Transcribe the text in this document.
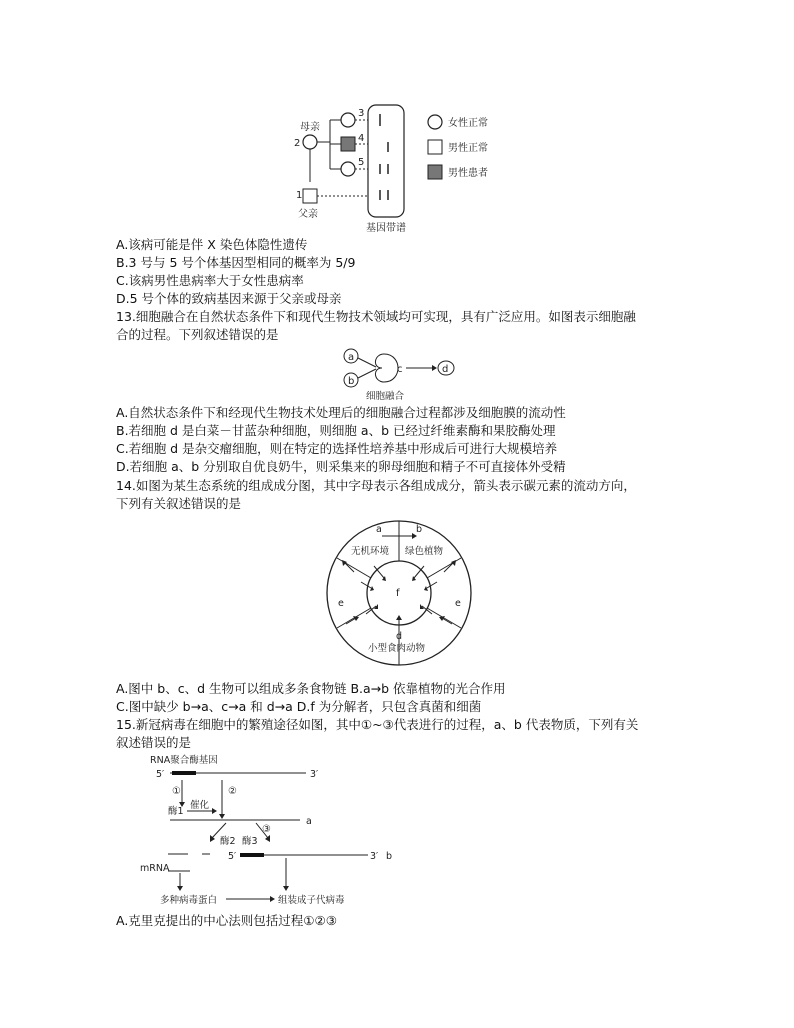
母亲
2
3
4
5
1
父亲
基因带谱
女性正常
男性正常
男性患者
A.该病可能是伴 X 染色体隐性遗传
B.3 号与 5 号个体基因型相同的概率为 5/9
C.该病男性患病率大于女性患病率
D.5 号个体的致病基因来源于父亲或母亲
13.细胞融合在自然状态条件下和现代生物技术领域均可实现，具有广泛应用。如图表示细胞融
合的过程。下列叙述错误的是
a
b
c	d
细胞融合
A.自然状态条件下和经现代生物技术处理后的细胞融合过程都涉及细胞膜的流动性
B.若细胞 d 是白菜－甘蓝杂种细胞，则细胞 a、b 已经过纤维素酶和果胶酶处理
C.若细胞 d 是杂交瘤细胞，则在特定的选择性培养基中形成后可进行大规模培养
D.若细胞 a、b 分别取自优良奶牛，则采集来的卵母细胞和精子不可直接体外受精
14.如图为某生态系统的组成成分图，其中字母表示各组成成分，箭头表示碳元素的流动方向，
下列有关叙述错误的是
a	b
无机环境 绿色植物
f
e	e
d
小型食肉动物
A.图中 b、c、d 生物可以组成多条食物链 B.a→b 依靠植物的光合作用
C.图中缺少 b→a、c→a 和 d→a D.f 为分解者，只包含真菌和细菌
15.新冠病毒在细胞中的繁殖途径如图，其中①~③代表进行的过程，a、b 代表物质，下列有关
叙述错误的是
RNA聚合酶基因
5′	3′
①	②
酶1
催化
a
酶2 酶3
③
5′	3′ b
mRNA
多种病毒蛋白	组装成子代病毒
A.克里克提出的中心法则包括过程①②③
